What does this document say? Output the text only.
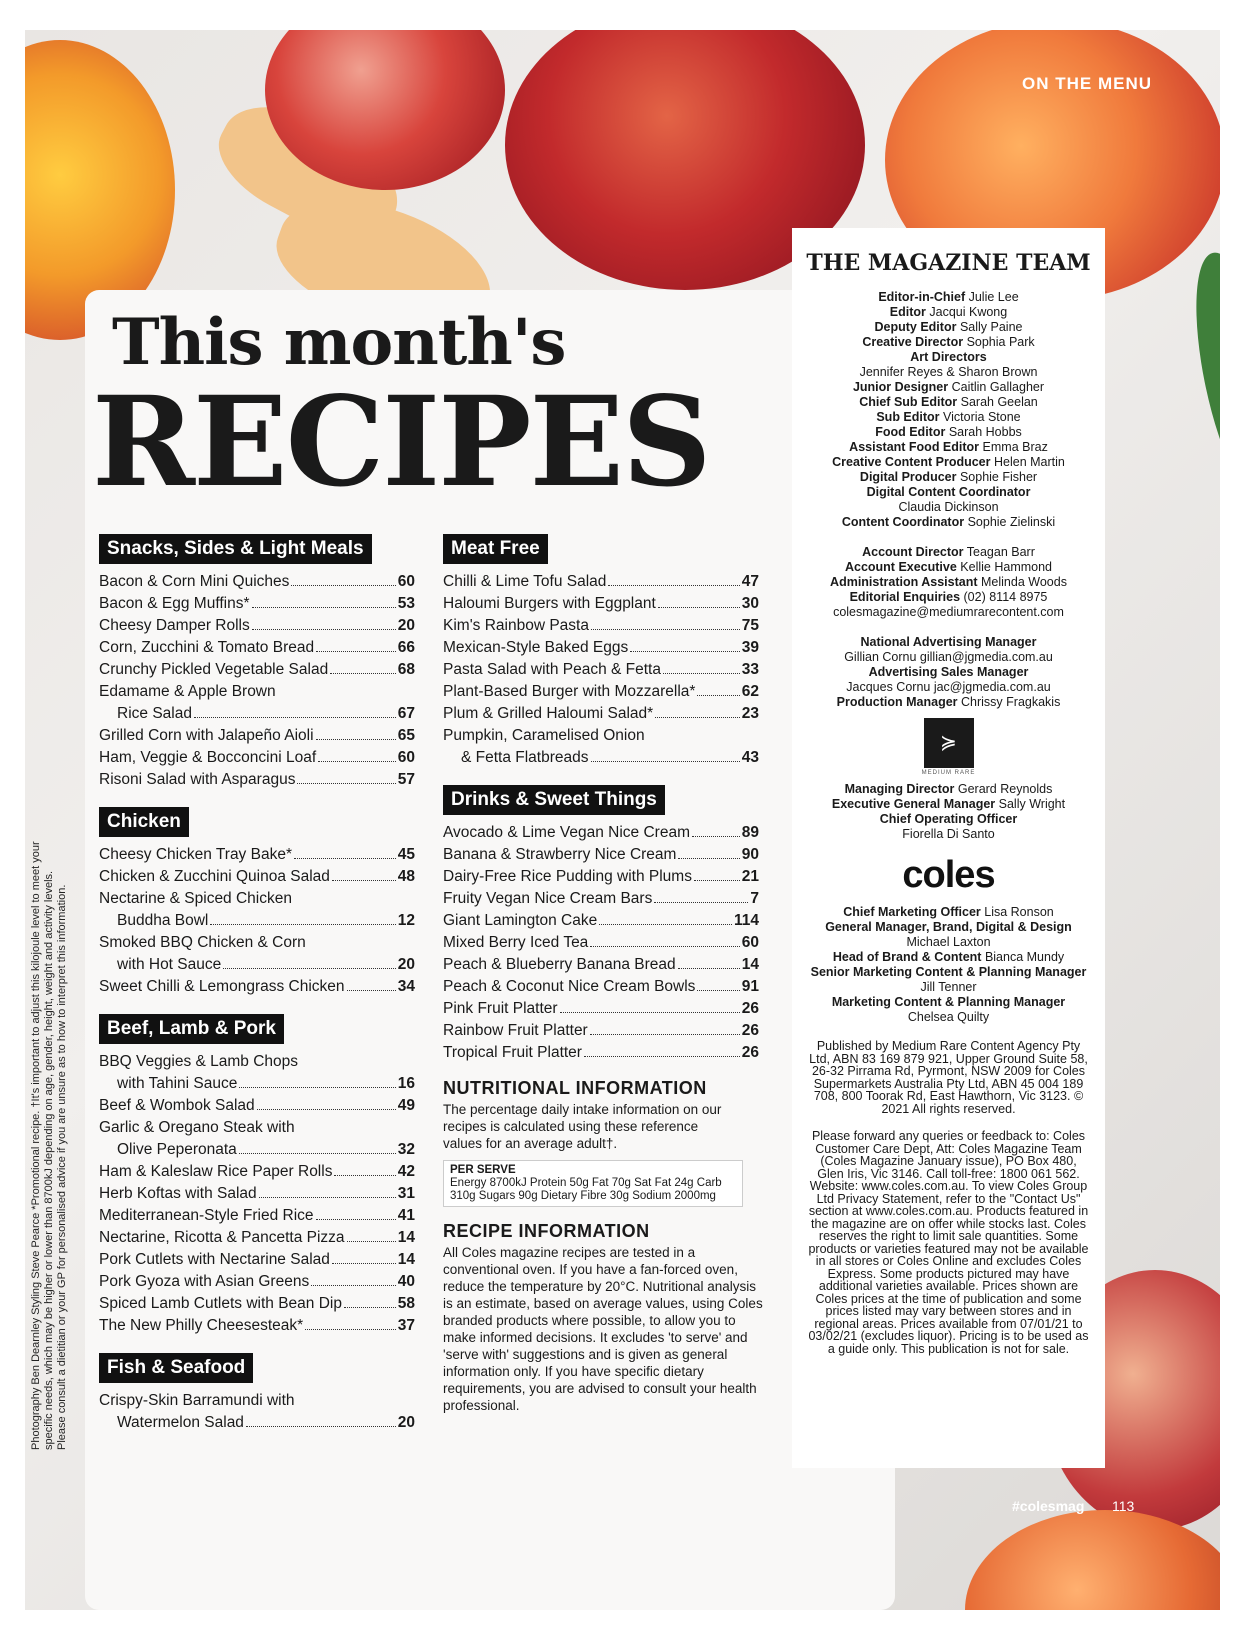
ON THE MENU
This month's
RECIPES
Snacks, Sides & Light Meals
Bacon & Corn Mini Quiches	60
Bacon & Egg Muffins*	53
Cheesy Damper Rolls	20
Corn, Zucchini & Tomato Bread	66
Crunchy Pickled Vegetable Salad	68
Edamame & Apple Brown
Rice Salad	67
Grilled Corn with Jalapeño Aioli	65
Ham, Veggie & Bocconcini Loaf	60
Risoni Salad with Asparagus	57
Chicken
Cheesy Chicken Tray Bake*	45
Chicken & Zucchini Quinoa Salad	48
Nectarine & Spiced Chicken
Buddha Bowl	12
Smoked BBQ Chicken & Corn
with Hot Sauce	20
Sweet Chilli & Lemongrass Chicken	34
Beef, Lamb & Pork
BBQ Veggies & Lamb Chops
with Tahini Sauce	16
Beef & Wombok Salad	49
Garlic & Oregano Steak with
Olive Peperonata	32
Ham & Kaleslaw Rice Paper Rolls	42
Herb Koftas with Salad	31
Mediterranean-Style Fried Rice	41
Nectarine, Ricotta & Pancetta Pizza	14
Pork Cutlets with Nectarine Salad	14
Pork Gyoza with Asian Greens	40
Spiced Lamb Cutlets with Bean Dip	58
The New Philly Cheesesteak*	37
Fish & Seafood
Crispy-Skin Barramundi with
Watermelon Salad	20
Meat Free
Chilli & Lime Tofu Salad	47
Haloumi Burgers with Eggplant	30
Kim's Rainbow Pasta	75
Mexican-Style Baked Eggs	39
Pasta Salad with Peach & Fetta	33
Plant-Based Burger with Mozzarella*	62
Plum & Grilled Haloumi Salad*	23
Pumpkin, Caramelised Onion
& Fetta Flatbreads	43
Drinks & Sweet Things
Avocado & Lime Vegan Nice Cream	89
Banana & Strawberry Nice Cream	90
Dairy-Free Rice Pudding with Plums	21
Fruity Vegan Nice Cream Bars	7
Giant Lamington Cake	114
Mixed Berry Iced Tea	60
Peach & Blueberry Banana Bread	14
Peach & Coconut Nice Cream Bowls	91
Pink Fruit Platter	26
Rainbow Fruit Platter	26
Tropical Fruit Platter	26
NUTRITIONAL INFORMATION
The percentage daily intake information on our recipes is calculated using these reference values for an average adult†.
PER SERVE
Energy 8700kJ Protein 50g Fat 70g Sat Fat 24g Carb 310g Sugars 90g Dietary Fibre 30g Sodium 2000mg
RECIPE INFORMATION
All Coles magazine recipes are tested in a conventional oven. If you have a fan-forced oven, reduce the temperature by 20°C. Nutritional analysis is an estimate, based on average values, using Coles branded products where possible, to allow you to make informed decisions. It excludes 'to serve' and 'serve with' suggestions and is given as general information only. If you have specific dietary requirements, you are advised to consult your health professional.
THE MAGAZINE TEAM
Editor-in-Chief Julie Lee
Editor Jacqui Kwong
Deputy Editor Sally Paine
Creative Director Sophia Park
Art Directors
Jennifer Reyes & Sharon Brown
Junior Designer Caitlin Gallagher
Chief Sub Editor Sarah Geelan
Sub Editor Victoria Stone
Food Editor Sarah Hobbs
Assistant Food Editor Emma Braz
Creative Content Producer Helen Martin
Digital Producer Sophie Fisher
Digital Content Coordinator
Claudia Dickinson
Content Coordinator Sophie Zielinski
Account Director Teagan Barr
Account Executive Kellie Hammond
Administration Assistant Melinda Woods
Editorial Enquiries (02) 8114 8975
colesmagazine@mediumrarecontent.com
National Advertising Manager
Gillian Cornu gillian@jgmedia.com.au
Advertising Sales Manager
Jacques Cornu jac@jgmedia.com.au
Production Manager Chrissy Fragkakis
≽
MEDIUM RARE
Managing Director Gerard Reynolds
Executive General Manager Sally Wright
Chief Operating Officer
Fiorella Di Santo
coles
Chief Marketing Officer Lisa Ronson
General Manager, Brand, Digital & Design
Michael Laxton
Head of Brand & Content Bianca Mundy
Senior Marketing Content & Planning Manager
Jill Tenner
Marketing Content & Planning Manager
Chelsea Quilty
Published by Medium Rare Content Agency Pty Ltd, ABN 83 169 879 921, Upper Ground Suite 58, 26-32 Pirrama Rd, Pyrmont, NSW 2009 for Coles Supermarkets Australia Pty Ltd, ABN 45 004 189 708, 800 Toorak Rd, East Hawthorn, Vic 3123. © 2021 All rights reserved.
Please forward any queries or feedback to: Coles Customer Care Dept, Att: Coles Magazine Team (Coles Magazine January issue), PO Box 480, Glen Iris, Vic 3146. Call toll-free: 1800 061 562. Website: www.coles.com.au. To view Coles Group Ltd Privacy Statement, refer to the "Contact Us" section at www.coles.com.au. Products featured in the magazine are on offer while stocks last. Coles reserves the right to limit sale quantities. Some products or varieties featured may not be available in all stores or Coles Online and excludes Coles Express. Some products pictured may have additional varieties available. Prices shown are Coles prices at the time of publication and some prices listed may vary between stores and in regional areas. Prices available from 07/01/21 to 03/02/21 (excludes liquor). Pricing is to be used as a guide only. This publication is not for sale.
Photography Ben Dearnley Styling Steve Pearce *Promotional recipe. †It's important to adjust this kilojoule level to meet your specific needs, which may be higher or lower than 8700kJ depending on age, gender, height, weight and activity levels. Please consult a dietitian or your GP for personalised advice if you are unsure as to how to interpret this information.
#colesmag 113
